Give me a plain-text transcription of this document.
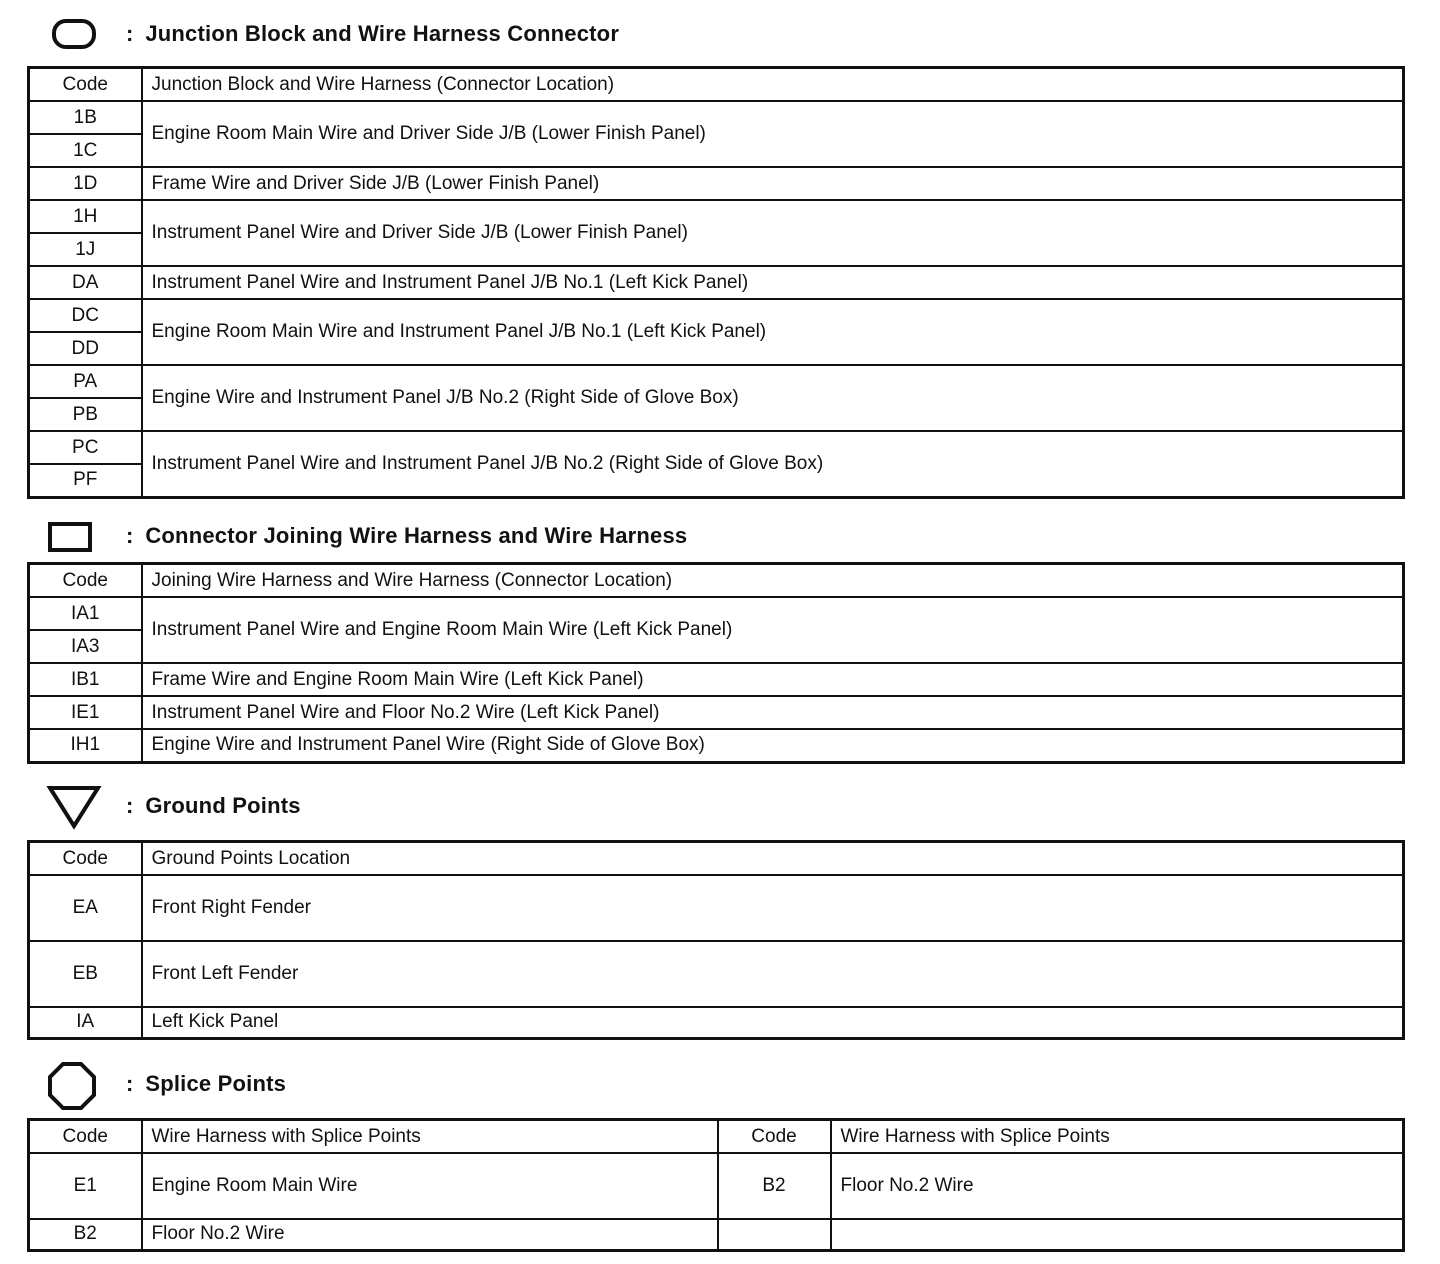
: Junction Block and Wire Harness Connector
Code	Junction Block and Wire Harness (Connector Location)
1B	Engine Room Main Wire and Driver Side J/B (Lower Finish Panel)
1C	
1D	Frame Wire and Driver Side J/B (Lower Finish Panel)
1H	Instrument Panel Wire and Driver Side J/B (Lower Finish Panel)
1J	
DA	Instrument Panel Wire and Instrument Panel J/B No.1 (Left Kick Panel)
DC	Engine Room Main Wire and Instrument Panel J/B No.1 (Left Kick Panel)
DD	
PA	Engine Wire and Instrument Panel J/B No.2 (Right Side of Glove Box)
PB	
PC	Instrument Panel Wire and Instrument Panel J/B No.2 (Right Side of Glove Box)
PF	
: Connector Joining Wire Harness and Wire Harness
Code	Joining Wire Harness and Wire Harness (Connector Location)
IA1	Instrument Panel Wire and Engine Room Main Wire (Left Kick Panel)
IA3	
IB1	Frame Wire and Engine Room Main Wire (Left Kick Panel)
IE1	Instrument Panel Wire and Floor No.2 Wire (Left Kick Panel)
IH1	Engine Wire and Instrument Panel Wire (Right Side of Glove Box)
: Ground Points
Code	Ground Points Location
EA	Front Right Fender
EB	Front Left Fender
IA	Left Kick Panel
: Splice Points
Code	Wire Harness with Splice Points	Code	Wire Harness with Splice Points
E1	Engine Room Main Wire	B2	Floor No.2 Wire
B2	Floor No.2 Wire		
